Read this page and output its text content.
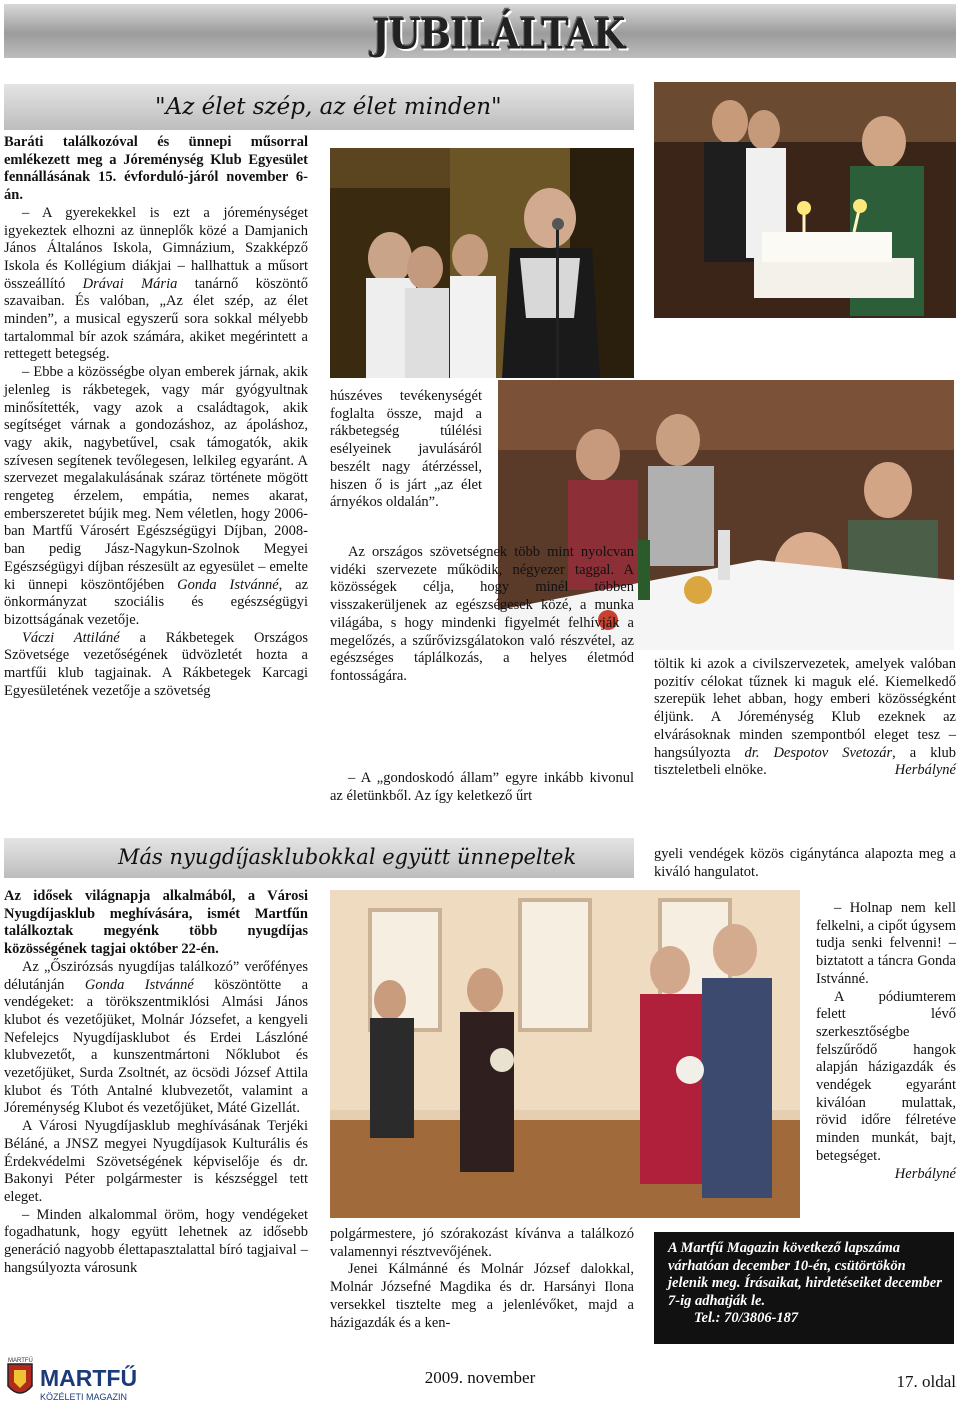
JUBILÁLTAK
"Az élet szép, az élet minden"

Baráti találkozóval és ünnepi műsorral emlékezett meg a Jóreménység Klub Egyesület fennállásának 15. évforduló-járól november 6-án.

– A gyerekekkel is ezt a jóreménységet igyekeztek elhozni az ünneplők közé a Damjanich János Általános Iskola, Gimnázium, Szakképző Iskola és Kollégium diákjai – hallhattuk a műsort összeállító Drávai Mária tanárnő köszöntő szavaiban. És valóban, „Az élet szép, az élet minden”, a musical egyszerű sora sokkal mélyebb tartalommal bír azok számára, akiket megérintett a rettegett betegség.

– Ebbe a közösségbe olyan emberek járnak, akik jelenleg is rákbetegek, vagy már gyógyultnak minősítették, vagy azok a családtagok, akik segítséget várnak a gondozáshoz, az ápoláshoz, vagy akik, nagybetűvel, csak támogatók, akik szívesen segítenek tevőlegesen, lelkileg egyaránt. A szervezet megalakulásának száraz története mögött rengeteg érzelem, empátia, nemes akarat, emberszeretet bújik meg. Nem véletlen, hogy 2006-ban Martfű Városért Egészségügyi Díjban, 2008-ban pedig Jász-Nagykun-Szolnok Megyei Egészségügyi díjban részesült az egyesület – emelte ki ünnepi köszöntőjében Gonda Istvánné, az önkormányzat szociális és egészségügyi bizottságának vezetője.

Váczi Attiláné a Rákbetegek Országos Szövetsége vezetőségének üdvözletét hozta a martfűi klub tagjainak. A Rákbetegek Karcagi Egyesületének vezetője a szövetség

húszéves tevékenységét foglalta össze, majd a rákbetegség túlélési esélyeinek javulásáról beszélt nagy átérzéssel, hiszen ő is járt „az élet árnyékos oldalán”.

Az országos szövetségnek több mint nyolcvan vidéki szervezete működik, négyezer taggal. A közösségek célja, hogy minél többen visszakerüljenek az egészségesek közé, a munka világába, s hogy mindenki figyelmét felhívják a megelőzés, a szűrővizsgálatokon való részvétel, az egészséges táplálkozás, a helyes életmód fontosságára.

– A „gondoskodó állam” egyre inkább kivonul az életünkből. Az így keletkező űrt

töltik ki azok a civilszervezetek, amelyek valóban pozitív célokat tűznek ki maguk elé. Kiemelkedő szerepük lehet abban, hogy emberi közösségként éljünk. A Jóreménység Klub ezeknek az elvárásoknak minden szempontból eleget tesz – hangsúlyozta dr. Despotov Svetozár, a klub tiszteletbeli elnöke.	Herbályné

Más nyugdíjasklubokkal együtt ünnepeltek

Az idősek világnapja alkalmából, a Városi Nyugdíjasklub meghívására, ismét Martfűn találkoztak megyénk több nyugdíjas közösségének tagjai október 22-én.

Az „Őszirózsás nyugdíjas találkozó” verőfényes délutánján Gonda Istvánné köszöntötte a vendégeket: a törökszentmiklósi Almási János klubot és vezetőjüket, Molnár Józsefet, a kengyeli Nefelejcs Nyugdíjasklubot és Erdei Lászlóné klubvezetőt, a kunszentmártoni Nőklubot és vezetőjüket, Surda Zsoltnét, az öcsödi József Attila klubot és Tóth Antalné klubvezetőt, valamint a Jóreménység Klubot és vezetőjüket, Máté Gizellát.

A Városi Nyugdíjasklub meghívásának Terjéki Béláné, a JNSZ megyei Nyugdíjasok Kulturális és Érdekvédelmi Szövetségének képviselője és dr. Bakonyi Péter polgármester is készséggel tett eleget.

– Minden alkalommal öröm, hogy vendégeket fogadhatunk, hogy együtt lehetnek az idősebb generáció nagyobb élettapasztalattal bíró tagjaival – hangsúlyozta városunk

polgármestere, jó szórakozást kívánva a találkozó valamennyi résztvevőjének.

Jenei Kálmánné és Molnár József dalokkal, Molnár Józsefné Magdika és dr. Harsányi Ilona versekkel tisztelte meg a jelenlévőket, majd a házigazdák és a ken-

gyeli vendégek közös cigánytánca alapozta meg a kiváló hangulatot.

– Holnap nem kell felkelni, a cipőt úgysem tudja senki felvenni! – biztatott a táncra Gonda Istvánné.

A pódiumterem felett lévő szerkesztőségbe felszűrődő hangok alapján házigazdák és vendégek egyaránt kiválóan mulattak, rövid időre félretéve minden munkát, bajt, betegséget.

Herbályné

A Martfű Magazin következő lapszáma várhatóan december 10-én, csütörtökön jelenik meg. Írásaikat, hirdetéseiket december 7-ig adhatják le.
Tel.: 70/3806-187
MARTFŰ
KÖZÉLETI MAGAZIN
MARTFŰ
2009. november	17. oldal
